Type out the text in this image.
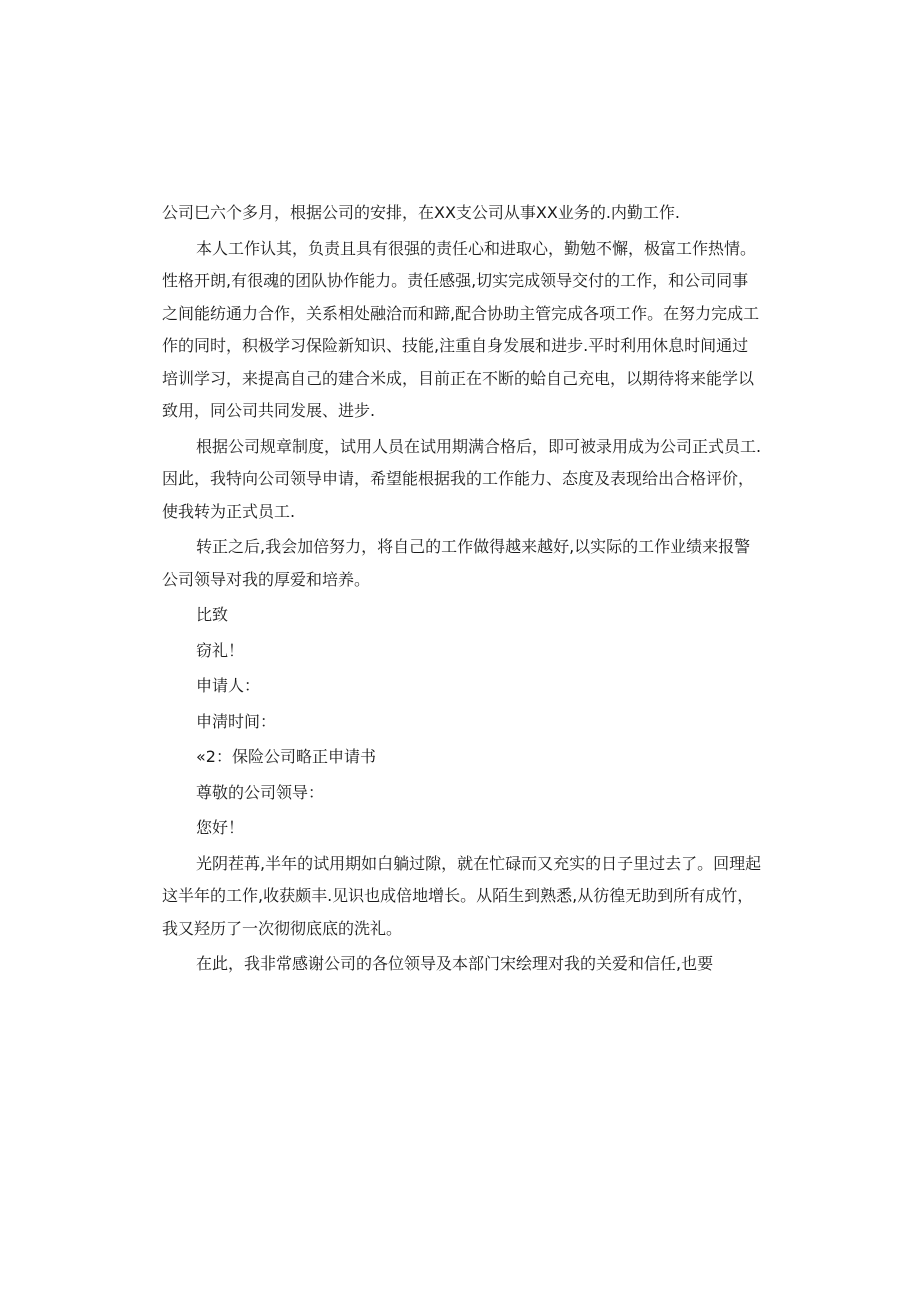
公司巳六个多月，根据公司的安排，在XX支公司从事XX业务的.内勤工作.

本人工作认其，负责且具有很强的责任心和进取心，勤勉不懈，极富工作热情。性格开朗,有很魂的团队协作能力。责任感强,切实完成领导交付的工作，和公司同事之间能纺通力合作，关系相处融洽而和蹄,配合协助主管完成各项工作。在努力完成工作的同时，积极学习保险新知识、技能,注重自身发展和进步.平时利用休息时间通过培训学习，来提高自己的建合米成，目前正在不断的蛤自己充电，以期待将来能学以致用，同公司共同发展、进步.

根据公司规章制度，试用人员在试用期满合格后，即可被录用成为公司正式员工.因此，我特向公司领导申请，希望能根据我的工作能力、态度及表现给出合格评价，使我转为正式员工.

转正之后,我会加倍努力，将自己的工作做得越来越好,以实际的工作业绩来报警公司领导对我的厚爱和培养。

比致

窃礼！

申请人：

申淸时间：

«2：保险公司略正申请书

尊敬的公司领导：

您好！

光阴茬苒,半年的试用期如白躺过隙，就在忙碌而又充实的日子里过去了。回理起这半年的工作,收获颇丰.见识也成倍地增长。从陌生到熟悉,从彷徨无助到所有成竹，我又羟历了一次彻彻底底的洗礼。

在此，我非常感谢公司的各位领导及本部门宋绘理对我的关爱和信任,也要
